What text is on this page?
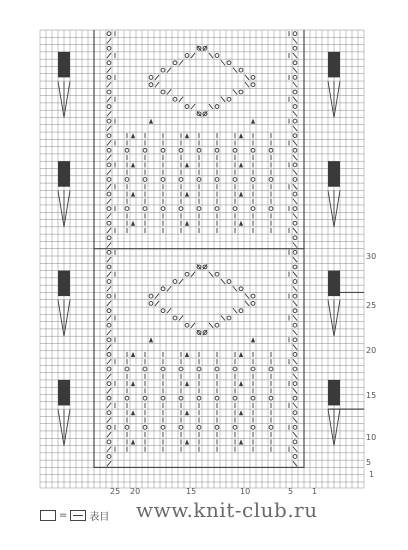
30
25
20
15
10
5
1
25 20	15	10	5 1
= 表目 www.knit-club.ru
